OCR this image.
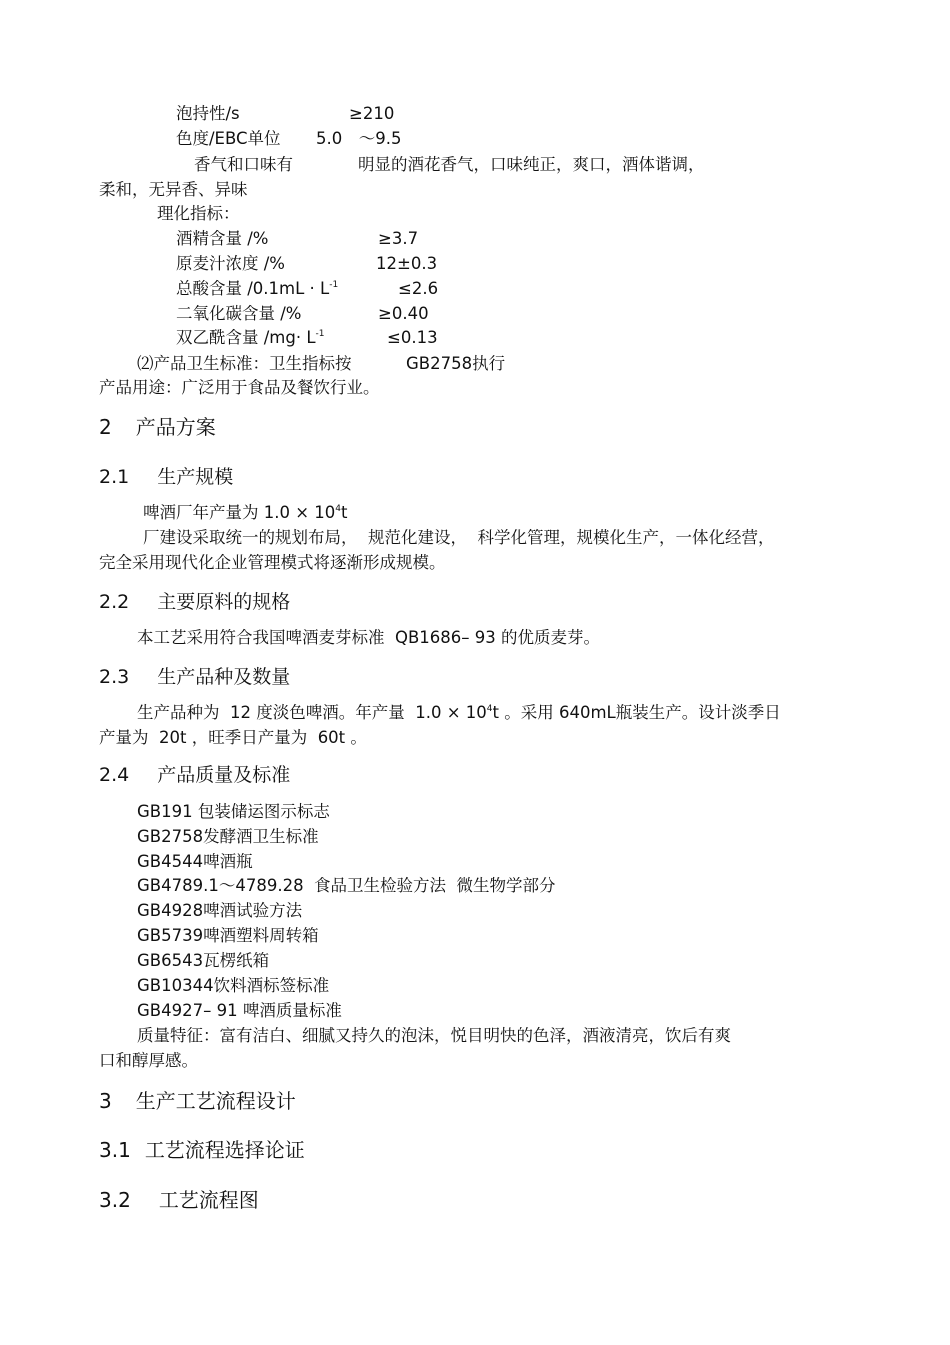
泡持性/s	≥210
色度/EBC单位 5.0　～9.5
香气和口味有	明显的酒花香气，口味纯正，爽口，酒体谐调，
柔和，无异香、异味
理化指标：
酒精含量 /%	≥3.7
原麦汁浓度 /%	12±0.3
总酸含量 $/0.1mL \cdot L^{-1}$	≤2.6
二氧化碳含量 /%	≥0.40
双乙酰含量 $/mg\cdot L^{-1}$	≤0.13
⑵产品卫生标准：卫生指标按	GB2758执行
产品用途：广泛用于食品及餐饮行业。
2 产品方案
2.1 生产规模
啤酒厂年产量为 $1.0 \times 10^4t$
厂建设采取统一的规划布局，  规范化建设，  科学化管理，规模化生产，一体化经营，
完全采用现代化企业管理模式将逐渐形成规模。
2.2 主要原料的规格
本工艺采用符合我国啤酒麦芽标准  QB1686– 93 的优质麦芽。
2.3 生产品种及数量
生产品种为  12 度淡色啤酒。年产量  $1.0 \times 10^4t$ 。采用 640mL瓶装生产。设计淡季日
产量为  20t ，旺季日产量为  60t 。
2.4 产品质量及标准
GB191 包装储运图示标志
GB2758发酵酒卫生标准
GB4544啤酒瓶
GB4789.1～4789.28  食品卫生检验方法  微生物学部分
GB4928啤酒试验方法
GB5739啤酒塑料周转箱
GB6543瓦楞纸箱
GB10344饮料酒标签标准
GB4927– 91 啤酒质量标准
质量特征：富有洁白、细腻又持久的泡沫，悦目明快的色泽，酒液清亮，饮后有爽
口和醇厚感。
3 生产工艺流程设计
3.1 工艺流程选择论证
3.2 工艺流程图
